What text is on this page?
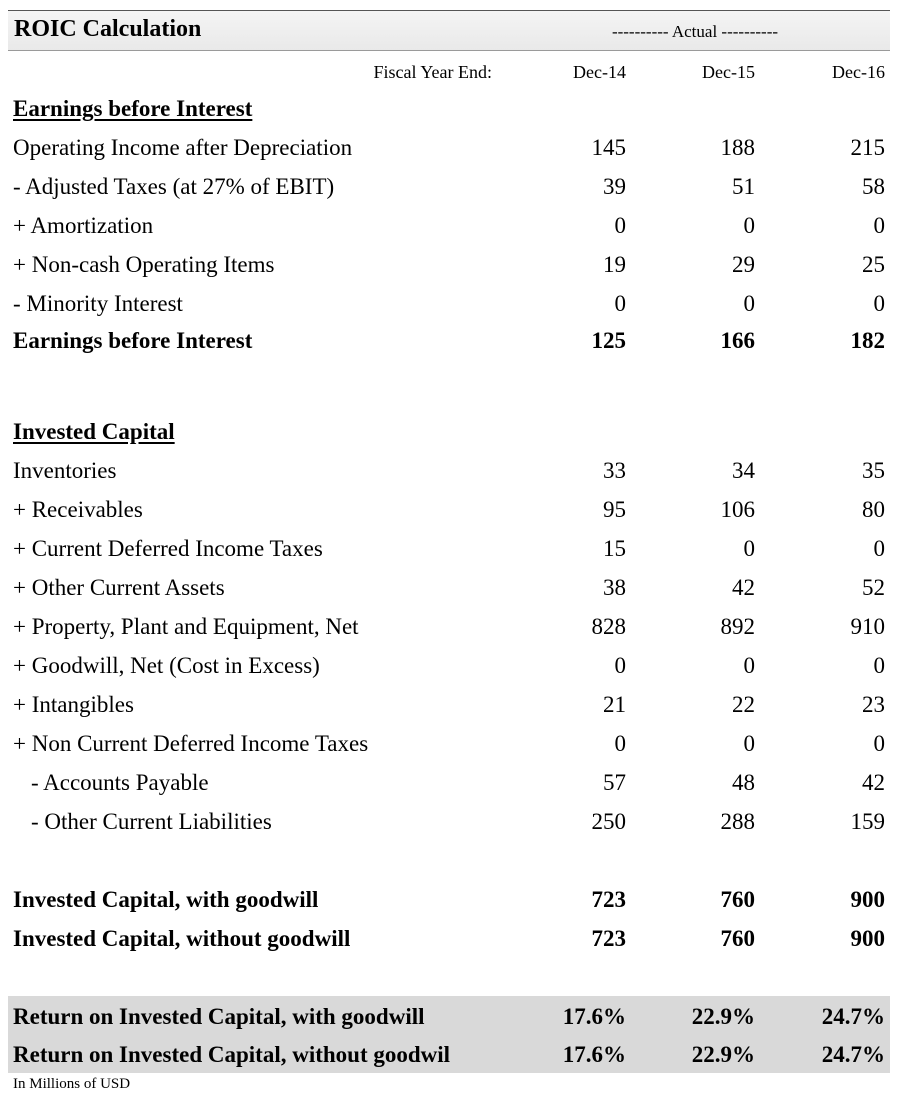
ROIC Calculation	---------- Actual ----------
Fiscal Year End:	Dec-14	Dec-15	Dec-16
Earnings before Interest
Operating Income after Depreciation	145	188	215
- Adjusted Taxes (at 27% of EBIT)	39	51	58
+ Amortization	0	0	0
+ Non-cash Operating Items	19	29	25
- Minority Interest	0	0	0
Earnings before Interest	125	166	182
Invested Capital
Inventories	33	34	35
+ Receivables	95	106	80
+ Current Deferred Income Taxes	15	0	0
+ Other Current Assets	38	42	52
+ Property, Plant and Equipment, Net	828	892	910
+ Goodwill, Net (Cost in Excess)	0	0	0
+ Intangibles	21	22	23
+ Non Current Deferred Income Taxes	0	0	0
- Accounts Payable	57	48	42
- Other Current Liabilities	250	288	159
Invested Capital, with goodwill	723	760	900
Invested Capital, without goodwill	723	760	900
Return on Invested Capital, with goodwill	17.6%	22.9%	24.7%
Return on Invested Capital, without goodwil	17.6%	22.9%	24.7%
In Millions of USD
